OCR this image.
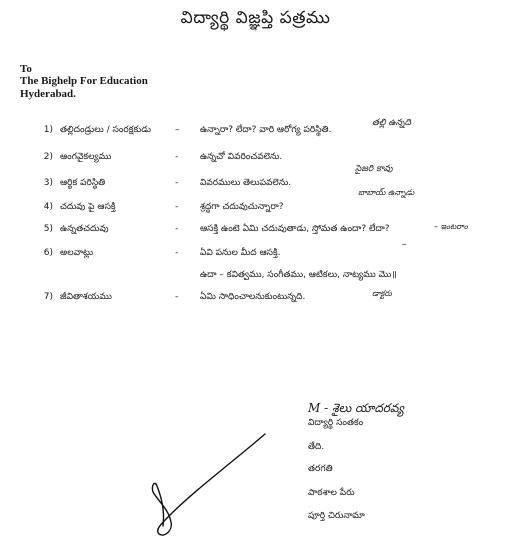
విద్యార్థి విజ్ఞప్తి పత్రము
To
The Bighelp For Education
Hyderabad.
1) తల్లిదండ్రులు / సంరక్షకుడు	– ఉన్నారా? లేదా? వారి ఆరోగ్య పరిస్థితి.
తల్లి ఉన్నది
2) ఆంగవైకల్యము	- ఉన్నచో వివరించవలెను.
సైజరి కావు
3) ఆర్థిక పరిస్థితి	- వివరములు తెలుపవలెను.
బాబాయ్ ఉన్నాడు
4) చదువు పై ఆసక్తి	- శ్రద్ధగా చదువుచున్నారా?
5) ఉన్నతచదువు	- ఆసక్తి ఉంటె ఏమి చదువుతాడు, స్తోమత ఉందా? లేదా?	– ఇంటరాం
6) అలవాట్లు	- ఏవి పనుల మీద ఆసక్తి.
–
ఉదా – కవిత్వము, సంగీతము, ఆటికలు, నాట్యము మొ॥
7) జీవితాశయము	- ఏమి సాధించాలనుకుంటున్నది.	డాక్టరు
M - శైలు యాదరవ్య
విద్యార్థి సంతకం
తేది.
తరగతి
పాఠశాల పేరు
పూర్తి చిరునామా
